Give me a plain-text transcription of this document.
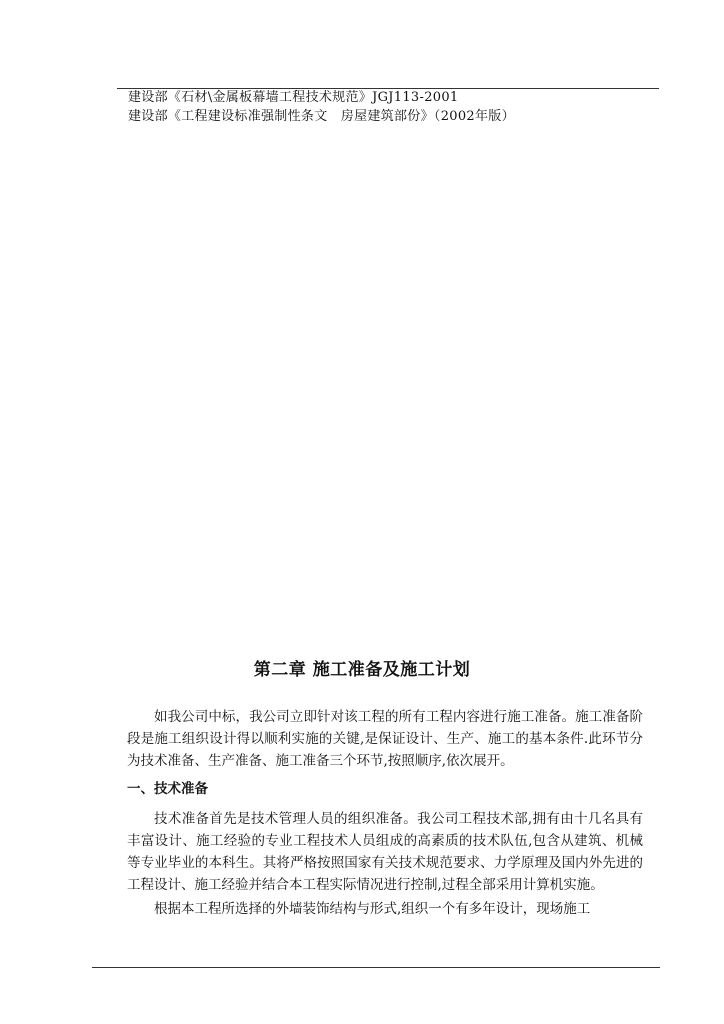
建设部《石材\金属板幕墙工程技术规范》JGJ113-2001
建设部《工程建设标准强制性条文　房屋建筑部份》（2002年版）
第二章 施工准备及施工计划
如我公司中标，我公司立即针对该工程的所有工程内容进行施工准备。施工准备阶段是施工组织设计得以顺利实施的关键,是保证设计、生产、施工的基本条件.此环节分为技术准备、生产准备、施工准备三个环节,按照顺序,依次展开。
一、技术准备
技术准备首先是技术管理人员的组织准备。我公司工程技术部,拥有由十几名具有丰富设计、施工经验的专业工程技术人员组成的高素质的技术队伍,包含从建筑、机械等专业毕业的本科生。其将严格按照国家有关技术规范要求、力学原理及国内外先进的工程设计、施工经验并结合本工程实际情况进行控制,过程全部采用计算机实施。
根据本工程所选择的外墙装饰结构与形式,组织一个有多年设计，现场施工
